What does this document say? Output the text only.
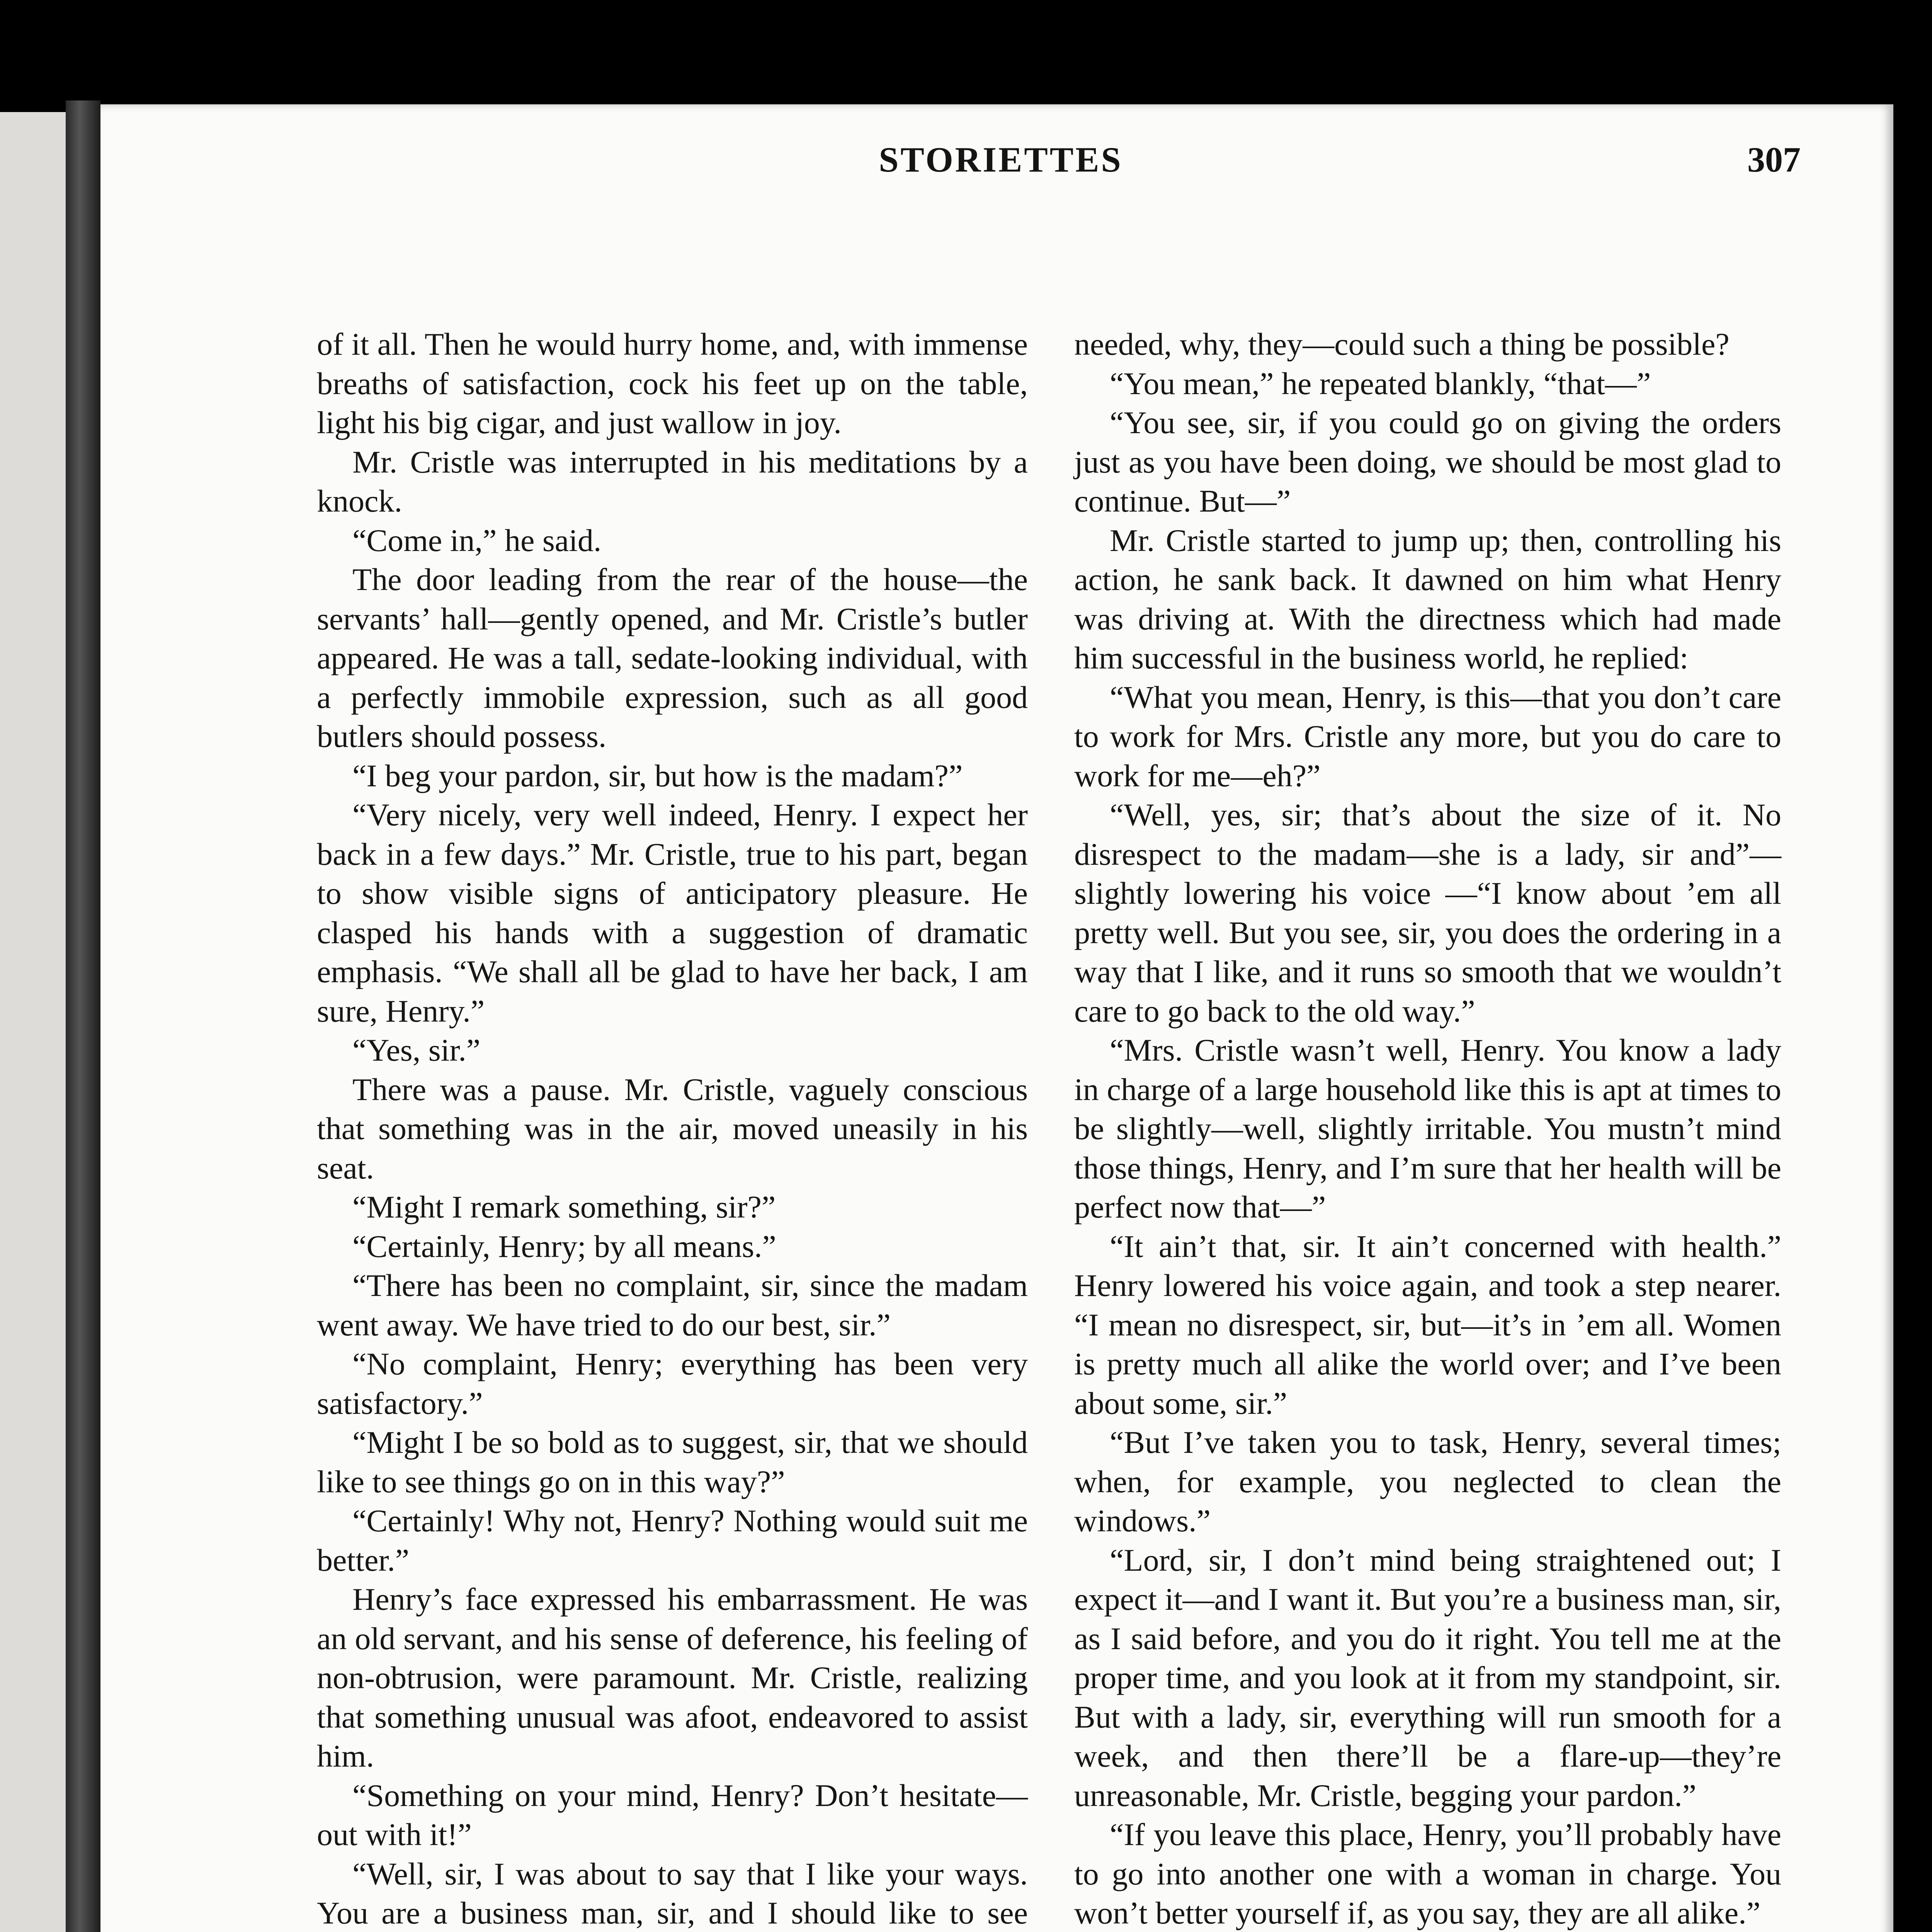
STORIETTES	307

of it all. Then he would hurry home, and, with immense breaths of satisfaction, cock his feet up on the table, light his big cigar, and just wallow in joy.

Mr. Cristle was interrupted in his meditations by a knock.

“Come in,” he said.

The door leading from the rear of the house—the servants’ hall—gently opened, and Mr. Cristle’s butler appeared. He was a tall, sedate-looking individual, with a perfectly immobile expression, such as all good butlers should possess.

“I beg your pardon, sir, but how is the madam?”

“Very nicely, very well indeed, Henry. I expect her back in a few days.” Mr. Cristle, true to his part, began to show visible signs of anticipatory pleasure. He clasped his hands with a suggestion of dramatic emphasis. “We shall all be glad to have her back, I am sure, Henry.”

“Yes, sir.”

There was a pause. Mr. Cristle, vaguely conscious that something was in the air, moved uneasily in his seat.

“Might I remark something, sir?”

“Certainly, Henry; by all means.”

“There has been no complaint, sir, since the madam went away. We have tried to do our best, sir.”

“No complaint, Henry; everything has been very satisfactory.”

“Might I be so bold as to suggest, sir, that we should like to see things go on in this way?”

“Certainly! Why not, Henry? Nothing would suit me better.”

Henry’s face expressed his embarrassment. He was an old servant, and his sense of deference, his feeling of non-obtrusion, were paramount. Mr. Cristle, realizing that something unusual was afoot, endeavored to assist him.

“Something on your mind, Henry? Don’t hesitate—out with it!”

“Well, sir, I was about to say that I like your ways. You are a business man, sir, and I should like to see

needed, why, they—could such a thing be possible?

“You mean,” he repeated blankly, “that—”

“You see, sir, if you could go on giving the orders just as you have been doing, we should be most glad to continue. But—”

Mr. Cristle started to jump up; then, controlling his action, he sank back. It dawned on him what Henry was driving at. With the directness which had made him successful in the business world, he replied:

“What you mean, Henry, is this—that you don’t care to work for Mrs. Cristle any more, but you do care to work for me—eh?”

“Well, yes, sir; that’s about the size of it. No disrespect to the madam—she is a lady, sir and”—slightly lowering his voice —“I know about ’em all pretty well. But you see, sir, you does the ordering in a way that I like, and it runs so smooth that we wouldn’t care to go back to the old way.”

“Mrs. Cristle wasn’t well, Henry. You know a lady in charge of a large household like this is apt at times to be slightly—well, slightly irritable. You mustn’t mind those things, Henry, and I’m sure that her health will be perfect now that—”

“It ain’t that, sir. It ain’t concerned with health.” Henry lowered his voice again, and took a step nearer. “I mean no disrespect, sir, but—it’s in ’em all. Women is pretty much all alike the world over; and I’ve been about some, sir.”

“But I’ve taken you to task, Henry, several times; when, for example, you neglected to clean the windows.”

“Lord, sir, I don’t mind being straightened out; I expect it—and I want it. But you’re a business man, sir, as I said before, and you do it right. You tell me at the proper time, and you look at it from my standpoint, sir. But with a lady, sir, everything will run smooth for a week, and then there’ll be a flare-up—they’re unreasonable, Mr. Cristle, begging your pardon.”

“If you leave this place, Henry, you’ll probably have to go into another one with a woman in charge. You won’t better yourself if, as you say, they are all alike.”
